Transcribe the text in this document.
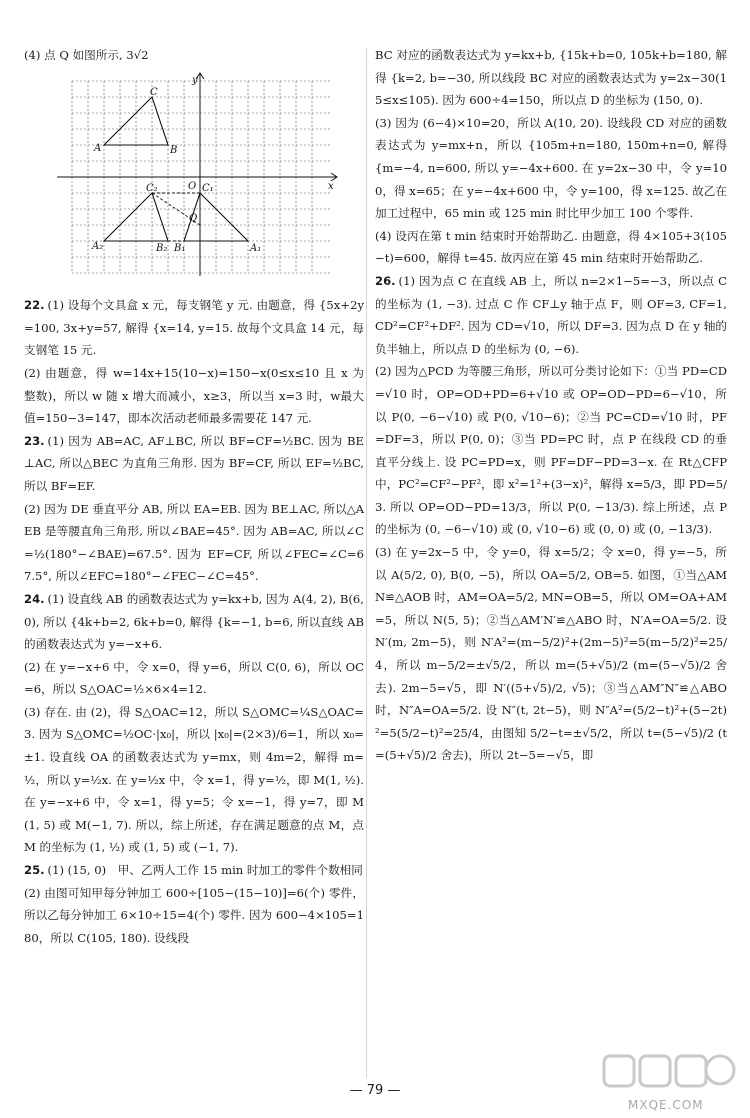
(4) 点 Q 如图所示, 3√2

y
x
O
A	B
C
C₂	C₁
A₂	B₂ B₁	A₁
Q

22. (1) 设每个文具盒 x 元，每支钢笔 y 元. 由题意，得 {5x+2y=100, 3x+y=57, 解得 {x=14, y=15. 故每个文具盒 14 元，每支钢笔 15 元.

(2) 由题意，得 w=14x+15(10−x)=150−x(0≤x≤10 且 x 为整数)，所以 w 随 x 增大而减小，x≥3，所以当 x=3 时，w最大值=150−3=147，即本次活动老师最多需要花 147 元.

23. (1) 因为 AB=AC, AF⊥BC, 所以 BF=CF=½BC. 因为 BE⊥AC, 所以△BEC 为直角三角形. 因为 BF=CF, 所以 EF=½BC, 所以 BF=EF.

(2) 因为 DE 垂直平分 AB, 所以 EA=EB. 因为 BE⊥AC, 所以△AEB 是等腰直角三角形, 所以∠BAE=45°. 因为 AB=AC, 所以∠C=½(180°−∠BAE)=67.5°. 因为 EF=CF, 所以∠FEC=∠C=67.5°, 所以∠EFC=180°−∠FEC−∠C=45°.

24. (1) 设直线 AB 的函数表达式为 y=kx+b, 因为 A(4, 2), B(6, 0), 所以 {4k+b=2, 6k+b=0, 解得 {k=−1, b=6, 所以直线 AB 的函数表达式为 y=−x+6.

(2) 在 y=−x+6 中，令 x=0，得 y=6，所以 C(0, 6)，所以 OC=6，所以 S△OAC=½×6×4=12.

(3) 存在. 由 (2)，得 S△OAC=12，所以 S△OMC=¼S△OAC=3. 因为 S△OMC=½OC·|x₀|，所以 |x₀|=(2×3)/6=1，所以 x₀=±1. 设直线 OA 的函数表达式为 y=mx，则 4m=2，解得 m=½，所以 y=½x. 在 y=½x 中，令 x=1，得 y=½，即 M(1, ½). 在 y=−x+6 中，令 x=1，得 y=5；令 x=−1，得 y=7，即 M(1, 5) 或 M(−1, 7). 所以，综上所述，存在满足题意的点 M，点 M 的坐标为 (1, ½) 或 (1, 5) 或 (−1, 7).

25. (1) (15, 0)　甲、乙两人工作 15 min 时加工的零件个数相同

(2) 由图可知甲每分钟加工 600÷[105−(15−10)]=6(个) 零件，所以乙每分钟加工 6×10÷15=4(个) 零件. 因为 600−4×105=180，所以 C(105, 180). 设线段

BC 对应的函数表达式为 y=kx+b, {15k+b=0, 105k+b=180, 解得 {k=2, b=−30, 所以线段 BC 对应的函数表达式为 y=2x−30(15≤x≤105). 因为 600÷4=150，所以点 D 的坐标为 (150, 0).

(3) 因为 (6−4)×10=20，所以 A(10, 20). 设线段 CD 对应的函数表达式为 y=mx+n，所以 {105m+n=180, 150m+n=0, 解得 {m=−4, n=600, 所以 y=−4x+600. 在 y=2x−30 中，令 y=100，得 x=65；在 y=−4x+600 中，令 y=100，得 x=125. 故乙在加工过程中，65 min 或 125 min 时比甲少加工 100 个零件.

(4) 设丙在第 t min 结束时开始帮助乙. 由题意，得 4×105+3(105−t)=600，解得 t=45. 故丙应在第 45 min 结束时开始帮助乙.

26. (1) 因为点 C 在直线 AB 上，所以 n=2×1−5=−3，所以点 C 的坐标为 (1, −3). 过点 C 作 CF⊥y 轴于点 F，则 OF=3, CF=1, CD²=CF²+DF². 因为 CD=√10，所以 DF=3. 因为点 D 在 y 轴的负半轴上，所以点 D 的坐标为 (0, −6).

(2) 因为△PCD 为等腰三角形，所以可分类讨论如下：①当 PD=CD=√10 时，OP=OD+PD=6+√10 或 OP=OD−PD=6−√10，所以 P(0, −6−√10) 或 P(0, √10−6)；②当 PC=CD=√10 时，PF=DF=3，所以 P(0, 0)；③当 PD=PC 时，点 P 在线段 CD 的垂直平分线上. 设 PC=PD=x，则 PF=DF−PD=3−x. 在 Rt△CFP 中，PC²=CF²−PF²，即 x²=1²+(3−x)²，解得 x=5/3，即 PD=5/3. 所以 OP=OD−PD=13/3，所以 P(0, −13/3). 综上所述，点 P 的坐标为 (0, −6−√10) 或 (0, √10−6) 或 (0, 0) 或 (0, −13/3).

(3) 在 y=2x−5 中，令 y=0，得 x=5/2；令 x=0，得 y=−5，所以 A(5/2, 0), B(0, −5)，所以 OA=5/2, OB=5. 如图，①当△AMN≌△AOB 时，AM=OA=5/2, MN=OB=5，所以 OM=OA+AM=5，所以 N(5, 5)；②当△AM′N′≌△ABO 时，N′A=OA=5/2. 设 N′(m, 2m−5)，则 N′A²=(m−5/2)²+(2m−5)²=5(m−5/2)²=25/4，所以 m−5/2=±√5/2，所以 m=(5+√5)/2 (m=(5−√5)/2 舍去). 2m−5=√5，即 N′((5+√5)/2, √5)；③当△AM″N″≌△ABO 时，N″A=OA=5/2. 设 N″(t, 2t−5)，则 N″A²=(5/2−t)²+(5−2t)²=5(5/2−t)²=25/4，由图知 5/2−t=±√5/2，所以 t=(5−√5)/2 (t=(5+√5)/2 舍去)，所以 2t−5=−√5，即

— 79 —
MXQE.COM
